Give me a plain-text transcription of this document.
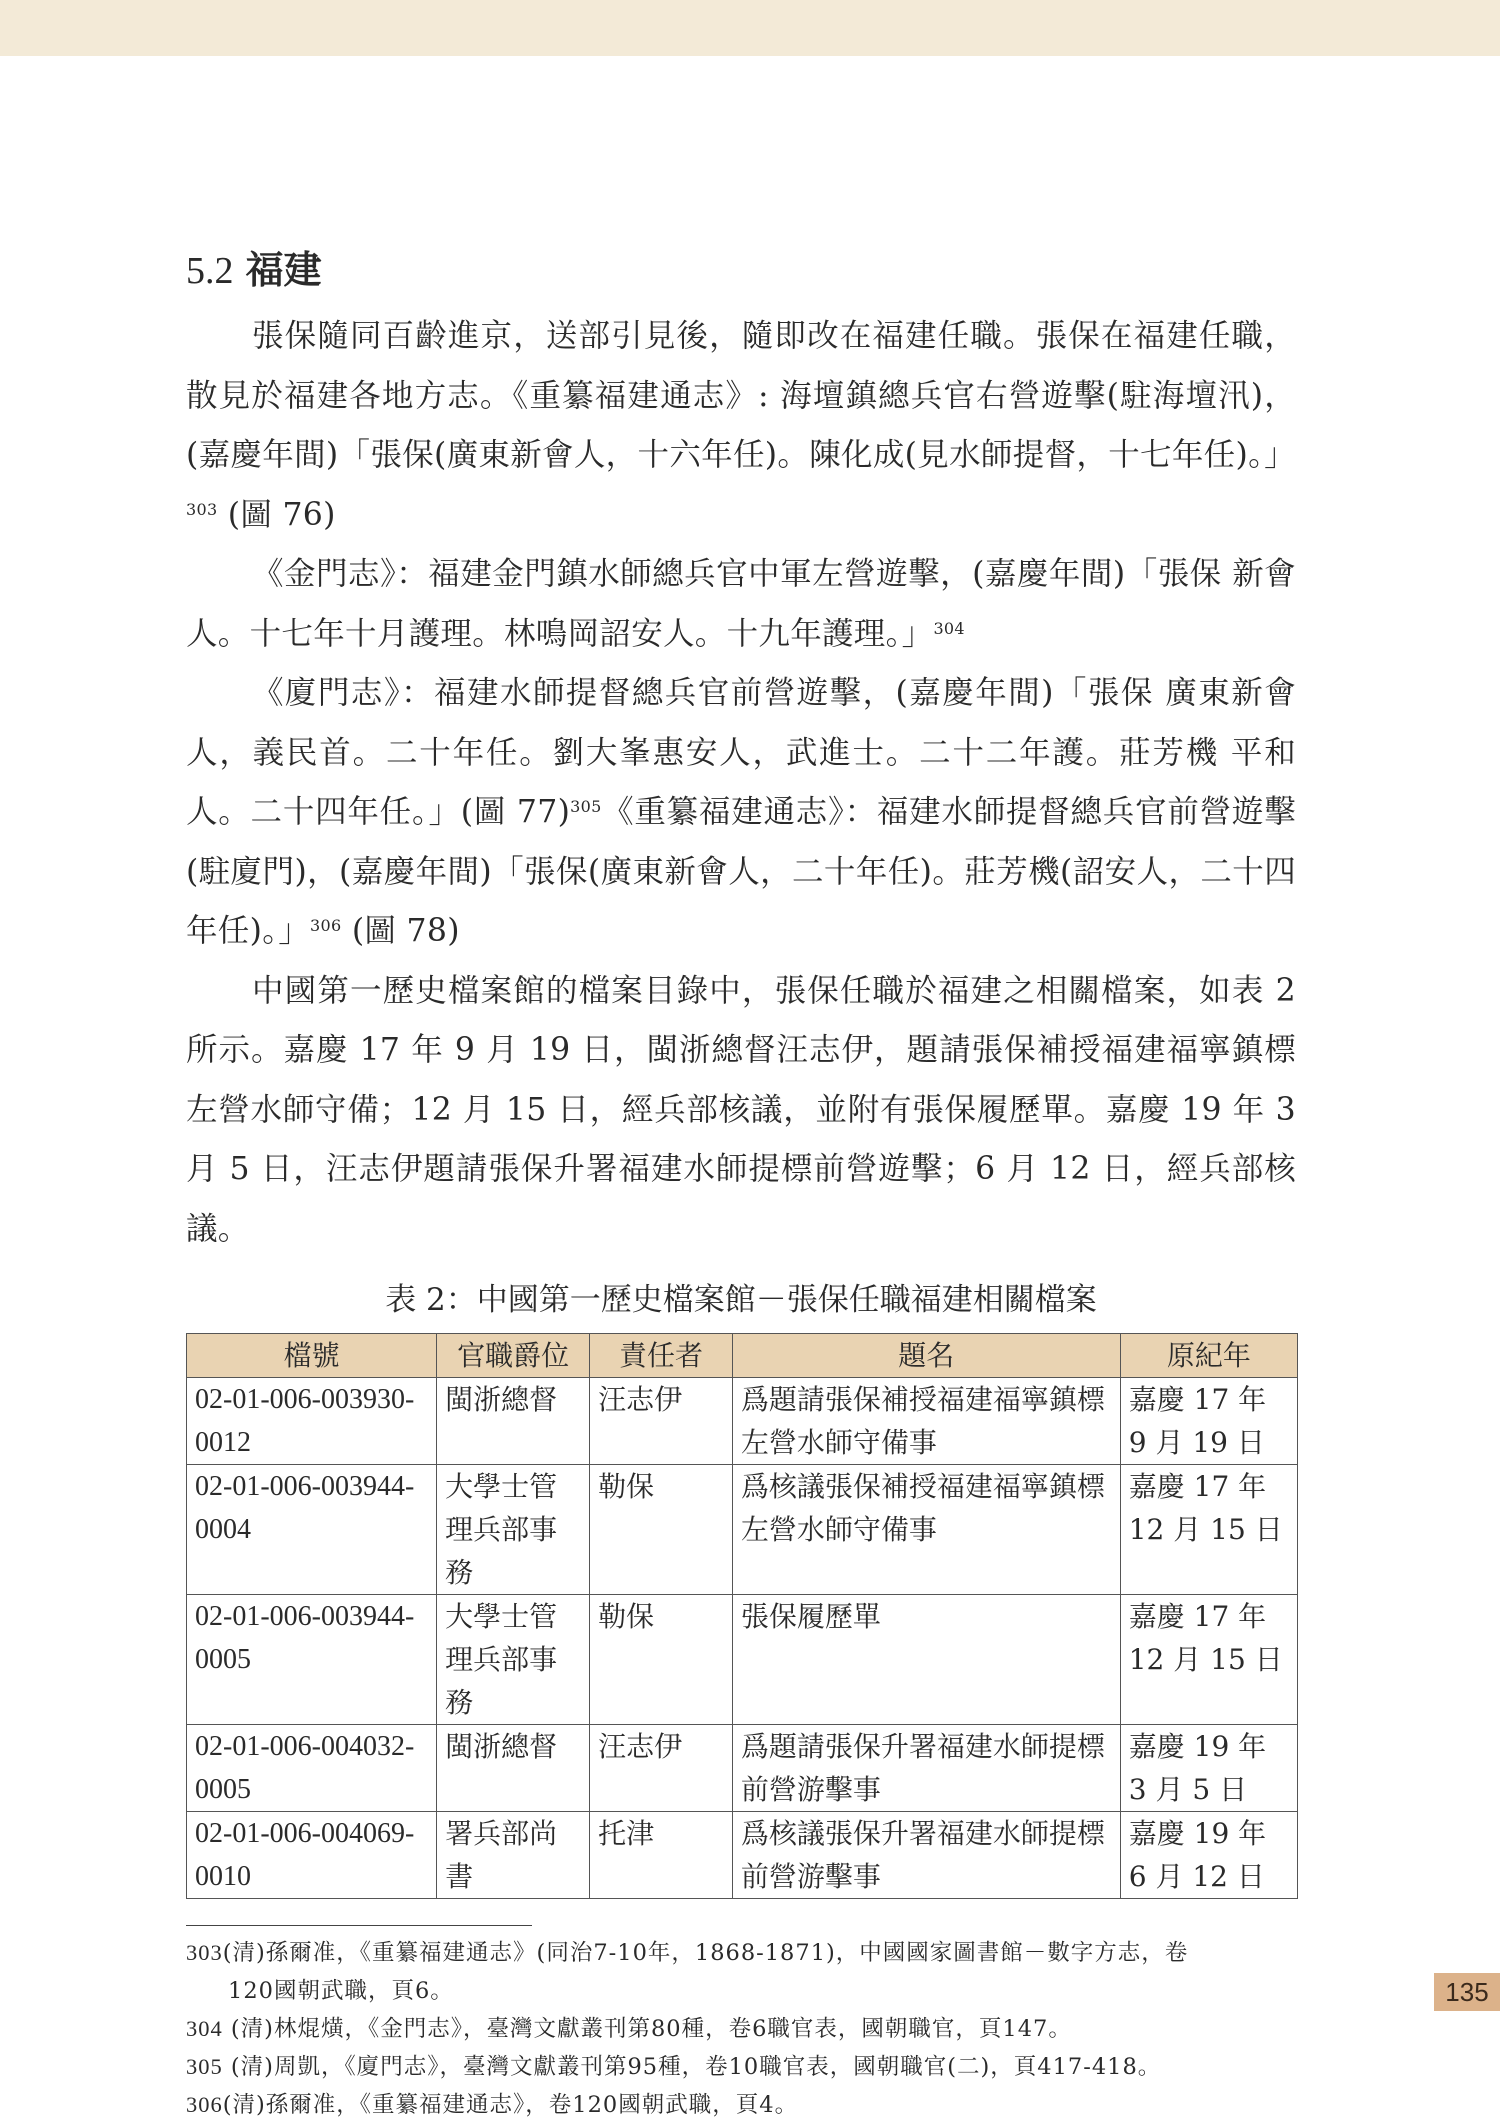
5.2 福建

張保隨同百齡進京，送部引見後，隨即改在福建任職。張保在福建任職，散見於福建各地方志。《重纂福建通志》: 海壇鎮總兵官右營遊擊(駐海壇汛)，(嘉慶年間)「張保(廣東新會人，十六年任)。陳化成(見水師提督，十七年任)。」$^{303}$ (圖 76)

《金門志》：福建金門鎮水師總兵官中軍左營遊擊，(嘉慶年間)「張保 新會人。十七年十月護理。林鳴岡詔安人。十九年護理。」$^{304}$

《廈門志》：福建水師提督總兵官前營遊擊，(嘉慶年間)「張保 廣東新會人，義民首。二十年任。劉大峯惠安人，武進士。二十二年護。莊芳機 平和人。二十四年任。」(圖 77)$^{305}$《重纂福建通志》：福建水師提督總兵官前營遊擊(駐廈門)，(嘉慶年間)「張保(廣東新會人，二十年任)。莊芳機(詔安人，二十四年任)。」$^{306}$ (圖 78)

中國第一歷史檔案館的檔案目錄中，張保任職於福建之相關檔案，如表 2 所示。嘉慶 17 年 9 月 19 日，閩浙總督汪志伊，題請張保補授福建福寧鎮標左營水師守備；12 月 15 日，經兵部核議，並附有張保履歷單。嘉慶 19 年 3 月 5 日，汪志伊題請張保升署福建水師提標前營遊擊；6 月 12 日，經兵部核議。

表 2：中國第一歷史檔案館－張保任職福建相關檔案
檔號	官職爵位	責任者	題名	原紀年
02-01-006-003930-0012	閩浙總督	汪志伊	爲題請張保補授福建福寧鎮標左營水師守備事	嘉慶 17 年 9 月 19 日
02-01-006-003944-0004	大學士管理兵部事務	勒保	爲核議張保補授福建福寧鎮標左營水師守備事	嘉慶 17 年 12 月 15 日
02-01-006-003944-0005	大學士管理兵部事務	勒保	張保履歷單	嘉慶 17 年 12 月 15 日
02-01-006-004032-0005	閩浙總督	汪志伊	爲題請張保升署福建水師提標前營游擊事	嘉慶 19 年 3 月 5 日
02-01-006-004069-0010	署兵部尚書	托津	爲核議張保升署福建水師提標前營游擊事	嘉慶 19 年 6 月 12 日

303(清)孫爾准，《重纂福建通志》(同治7-10年，1868-1871)，中國國家圖書館－數字方志，卷
120國朝武職，頁6。

304 (清)林焜熿，《金門志》，臺灣文獻叢刊第80種，卷6職官表，國朝職官，頁147。

305 (清)周凱，《廈門志》，臺灣文獻叢刊第95種，卷10職官表，國朝職官(二)，頁417-418。

306(清)孫爾准，《重纂福建通志》，卷120國朝武職，頁4。

135
